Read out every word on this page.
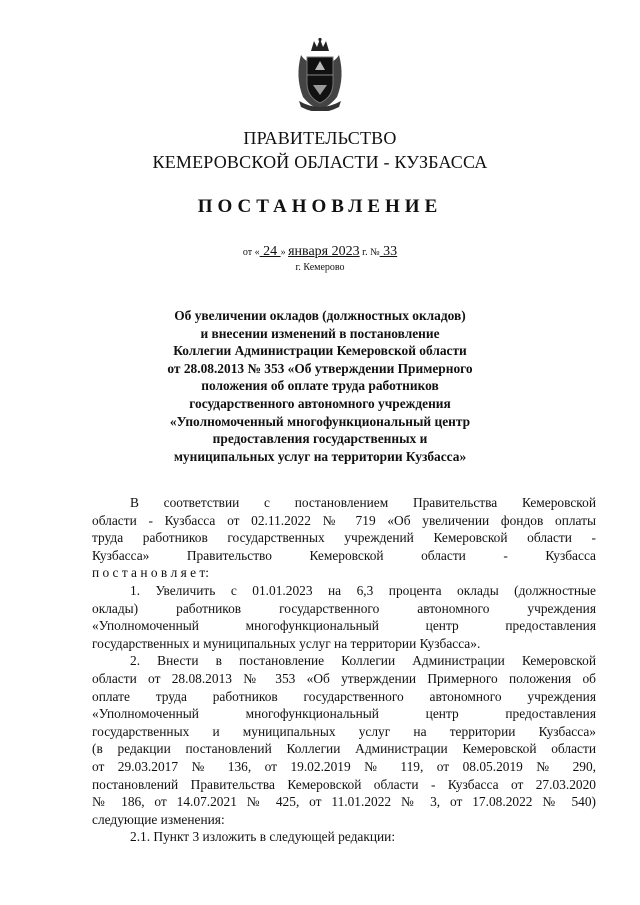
ПРАВИТЕЛЬСТВО
КЕМЕРОВСКОЙ ОБЛАСТИ - КУЗБАССА
ПОСТАНОВЛЕНИЕ
от « 24 » января 2023 г. № 33
г. Кемерово
Об увеличении окладов (должностных окладов)
и внесении изменений в постановление
Коллегии Администрации Кемеровской области
от 28.08.2013 № 353 «Об утверждении Примерного
положения об оплате труда работников
государственного автономного учреждения
«Уполномоченный многофункциональный центр
предоставления государственных и
муниципальных услуг на территории Кузбасса»
В соответствии с постановлением Правительства Кемеровской
области - Кузбасса от 02.11.2022 № 719 «Об увеличении фондов оплаты
труда работников государственных учреждений Кемеровской области -
Кузбасса» Правительство Кемеровской области - Кузбасса
п о с т а н о в л я е т:
1. Увеличить с 01.01.2023 на 6,3 процента оклады (должностные
оклады) работников государственного автономного учреждения
«Уполномоченный многофункциональный центр предоставления
государственных и муниципальных услуг на территории Кузбасса».
2. Внести в постановление Коллегии Администрации Кемеровской
области от 28.08.2013 № 353 «Об утверждении Примерного положения об
оплате труда работников государственного автономного учреждения
«Уполномоченный многофункциональный центр предоставления
государственных и муниципальных услуг на территории Кузбасса»
(в редакции постановлений Коллегии Администрации Кемеровской области
от 29.03.2017 № 136, от 19.02.2019 № 119, от 08.05.2019 № 290,
постановлений Правительства Кемеровской области - Кузбасса от 27.03.2020
№ 186, от 14.07.2021 № 425, от 11.01.2022 № 3, от 17.08.2022 № 540)
следующие изменения:
2.1. Пункт 3 изложить в следующей редакции:
